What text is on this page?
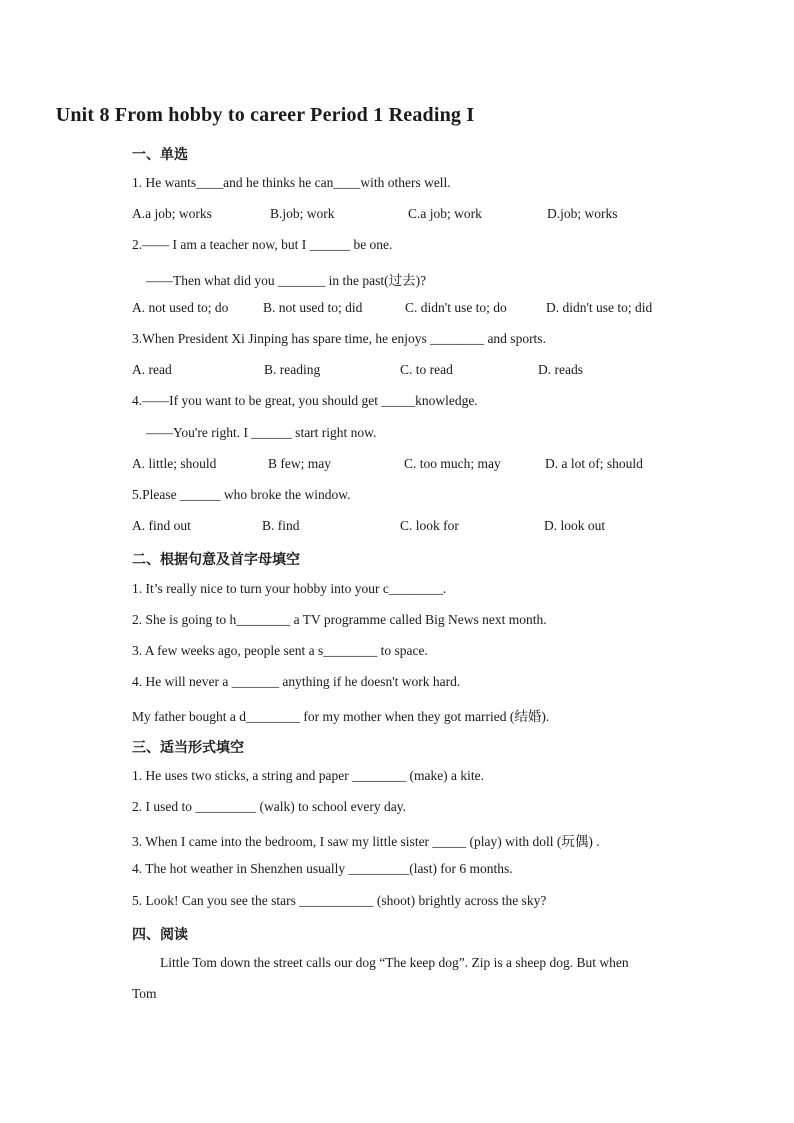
Unit 8 From hobby to career Period 1 Reading I
一、单选
1. He wants____and he thinks he can____with others well.
A.a job; works	B.job; work	C.a job; work	D.job; works
2.—— I am a teacher now, but I ______ be one.
——Then what did you _______ in the past(过去)?
A. not used to; do	B. not used to; did	C. didn't use to; do	D. didn't use to; did
3.When President Xi Jinping has spare time, he enjoys ________ and sports.
A. read	B. reading	C. to read	D. reads
4.——If you want to be great, you should get _____knowledge.
——You're right. I ______ start right now.
A. little; should	B few; may	C. too much; may	D. a lot of; should
5.Please ______ who broke the window.
A. find out	B. find	C. look for	D. look out
二、根据句意及首字母填空
1. It’s really nice to turn your hobby into your c________.
2. She is going to h________ a TV programme called Big News next month.
3. A few weeks ago, people sent a s________ to space.
4. He will never a _______ anything if he doesn't work hard.
My father bought a d________ for my mother when they got married (结婚).
三、适当形式填空
1. He uses two sticks, a string and paper ________ (make) a kite.
2. I used to _________ (walk) to school every day.
3. When I came into the bedroom, I saw my little sister _____ (play) with doll (玩偶) .
4. The hot weather in Shenzhen usually _________(last) for 6 months.
5. Look! Can you see the stars ___________ (shoot) brightly across the sky?
四、阅读
Little Tom down the street calls our dog “The keep dog”. Zip is a sheep dog. But when
Tom
